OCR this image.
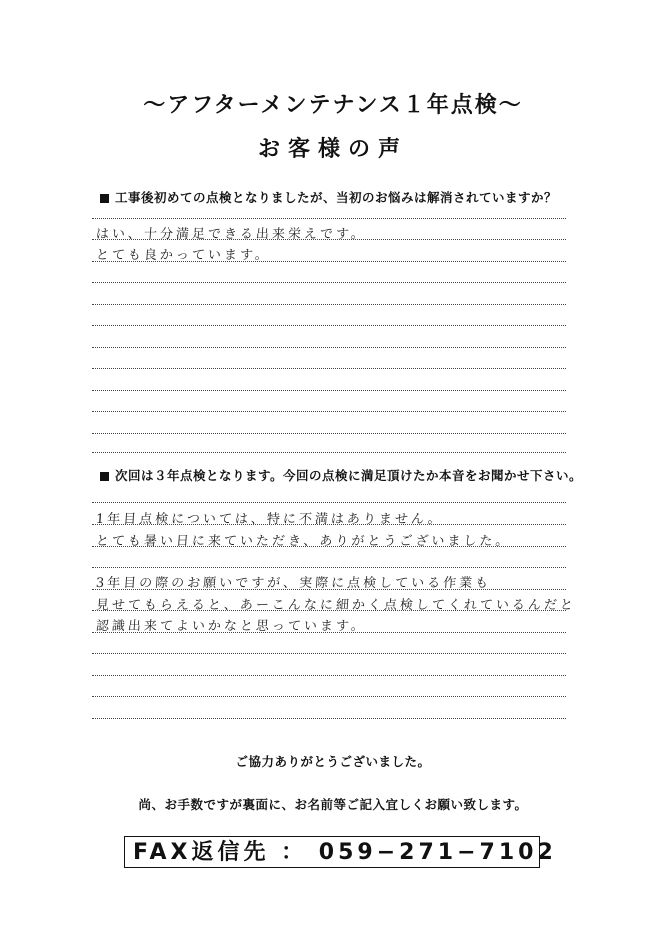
〜アフターメンテナンス１年点検〜
お客様の声
工事後初めての点検となりましたが、当初のお悩みは解消されていますか？
はい、十分満足できる出来栄えです。
とても良かっています。
次回は３年点検となります。今回の点検に満足頂けたか本音をお聞かせ下さい。
1年目点検については、特に不満はありません。
とても暑い日に来ていただき、ありがとうございました。
3年目の際のお願いですが、実際に点検している作業も
見せてもらえると、あーこんなに細かく点検してくれているんだと
認識出来てよいかなと思っています。
ご協力ありがとうございました。
尚、お手数ですが裏面に、お名前等ご記入宜しくお願い致します。
FAX返信先 ： 059−271−7102
